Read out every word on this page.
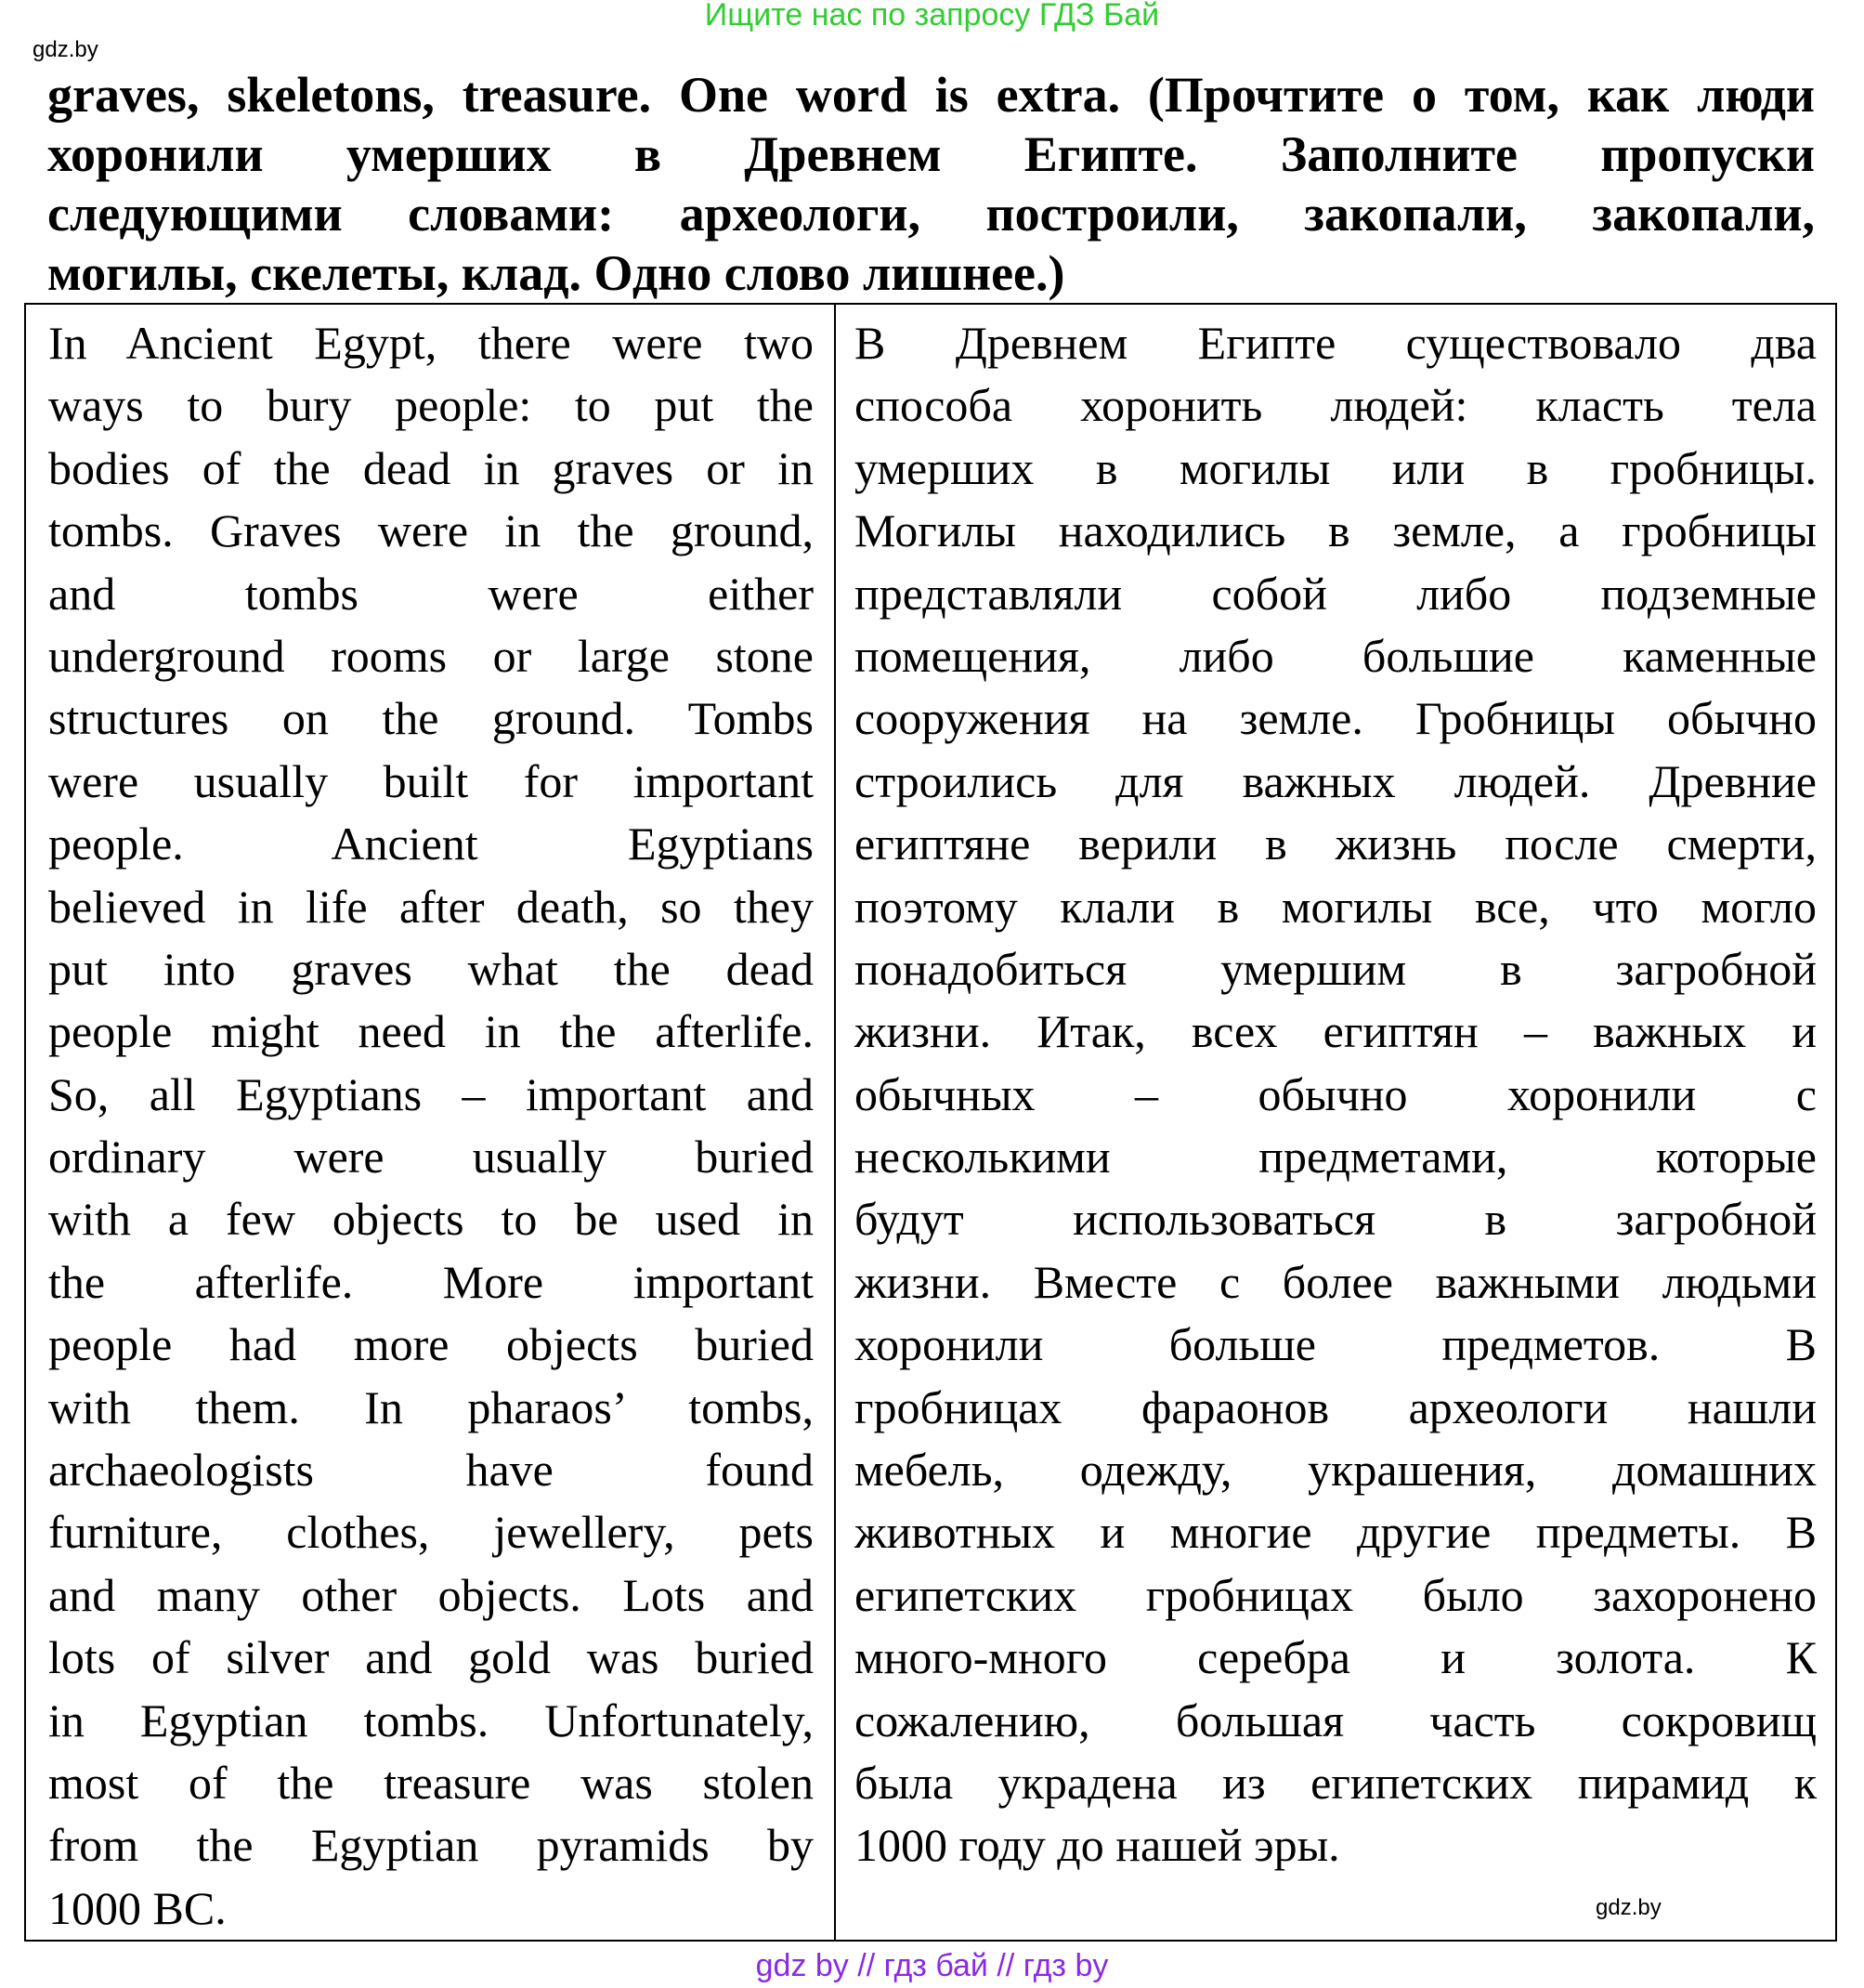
Ищите нас по запросу ГДЗ Бай
gdz.by
graves, skeletons, treasure. One word is extra. (Прочтите о том, как люди
хоронили умерших в Древнем Египте. Заполните пропуски
следующими словами: археологи, построили, закопали, закопали,
могилы, скелеты, клад. Одно слово лишнее.)
In Ancient Egypt, there were two
ways to bury people: to put the
bodies of the dead in graves or in
tombs. Graves were in the ground,
and tombs were either
underground rooms or large stone
structures on the ground. Tombs
were usually built for important
people. Ancient Egyptians
believed in life after death, so they
put into graves what the dead
people might need in the afterlife.
So, all Egyptians – important and
ordinary were usually buried
with a few objects to be used in
the afterlife. More important
people had more objects buried
with them. In pharaos’ tombs,
archaeologists have found
furniture, clothes, jewellery, pets
and many other objects. Lots and
lots of silver and gold was buried
in Egyptian tombs. Unfortunately,
most of the treasure was stolen
from the Egyptian pyramids by
1000 BC.
В Древнем Египте существовало два
способа хоронить людей: класть тела
умерших в могилы или в гробницы.
Могилы находились в земле, а гробницы
представляли собой либо подземные
помещения, либо большие каменные
сооружения на земле. Гробницы обычно
строились для важных людей. Древние
египтяне верили в жизнь после смерти,
поэтому клали в могилы все, что могло
понадобиться умершим в загробной
жизни. Итак, всех египтян – важных и
обычных – обычно хоронили с
несколькими предметами, которые
будут использоваться в загробной
жизни. Вместе с более важными людьми
хоронили больше предметов. В
гробницах фараонов археологи нашли
мебель, одежду, украшения, домашних
животных и многие другие предметы. В
египетских гробницах было захоронено
много-много серебра и золота. К
сожалению, большая часть сокровищ
была украдена из египетских пирамид к
1000 году до нашей эры.
gdz.by
gdz by // гдз бай // гдз by
